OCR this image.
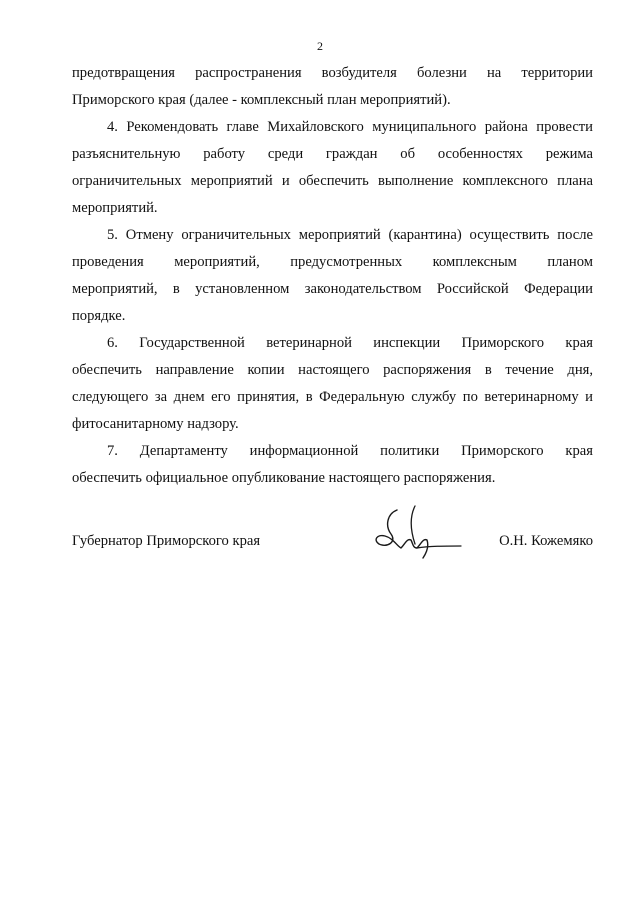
2
предотвращения распространения возбудителя болезни на территории
Приморского края (далее - комплексный план мероприятий).
4. Рекомендовать главе Михайловского муниципального района провести
разъяснительную работу среди граждан об особенностях режима
ограничительных мероприятий и обеспечить выполнение комплексного плана
мероприятий.
5. Отмену ограничительных мероприятий (карантина) осуществить после
проведения мероприятий, предусмотренных комплексным планом
мероприятий, в установленном законодательством Российской Федерации
порядке.
6. Государственной ветеринарной инспекции Приморского края
обеспечить направление копии настоящего распоряжения в течение дня,
следующего за днем его принятия, в Федеральную службу по ветеринарному и
фитосанитарному надзору.
7. Департаменту информационной политики Приморского края
обеспечить официальное опубликование настоящего распоряжения.
Губернатор Приморского края	О.Н. Кожемяко
